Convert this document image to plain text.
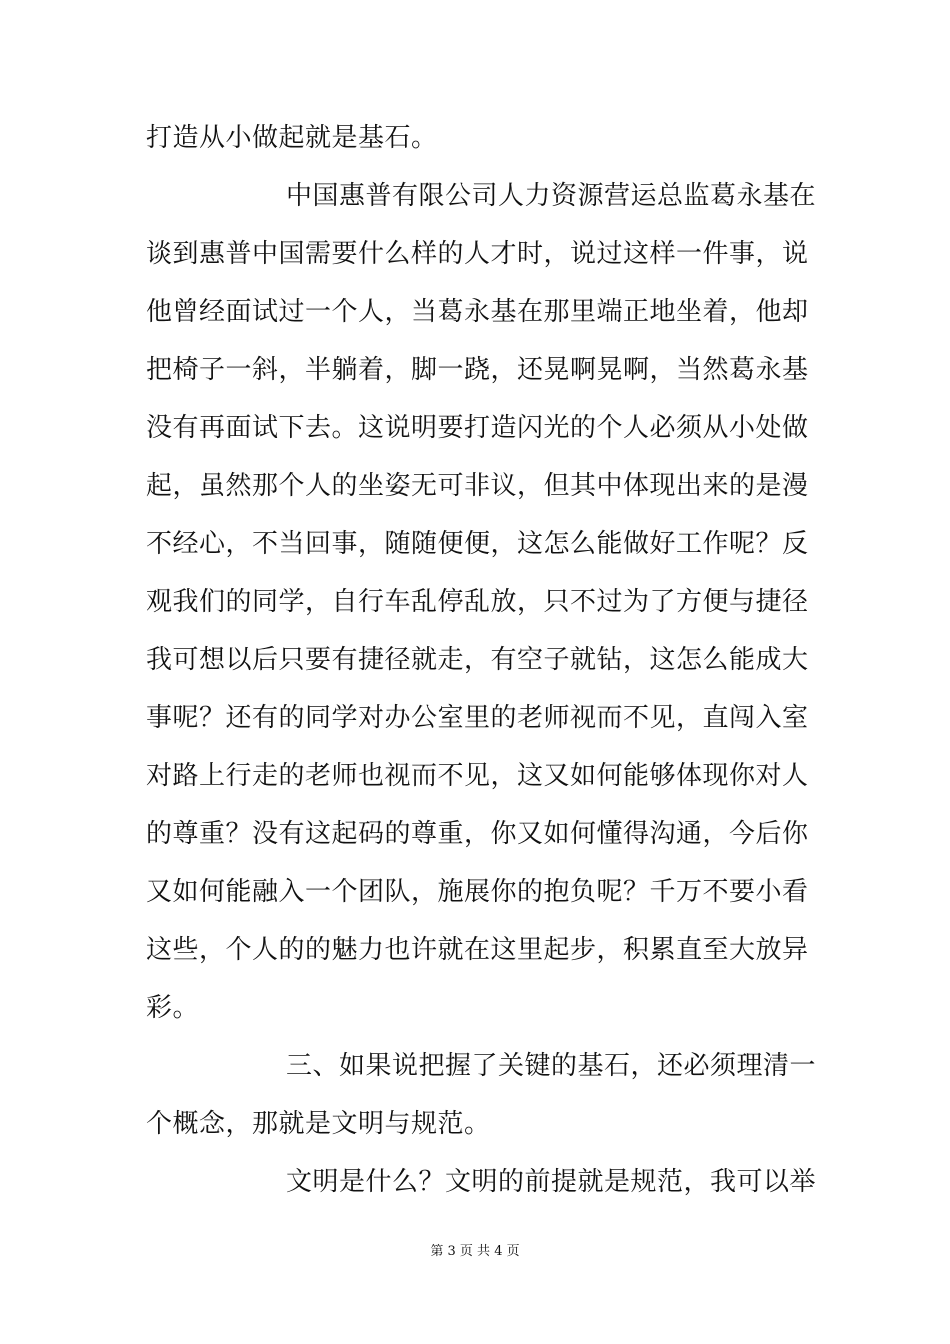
打造从小做起就是基石。
中国惠普有限公司人力资源营运总监葛永基在
谈到惠普中国需要什么样的人才时，说过这样一件事，说
他曾经面试过一个人，当葛永基在那里端正地坐着，他却
把椅子一斜，半躺着，脚一跷，还晃啊晃啊，当然葛永基
没有再面试下去。这说明要打造闪光的个人必须从小处做
起，虽然那个人的坐姿无可非议，但其中体现出来的是漫
不经心，不当回事，随随便便，这怎么能做好工作呢？反
观我们的同学，自行车乱停乱放，只不过为了方便与捷径
我可想以后只要有捷径就走，有空子就钻，这怎么能成大
事呢？还有的同学对办公室里的老师视而不见，直闯入室
对路上行走的老师也视而不见，这又如何能够体现你对人
的尊重？没有这起码的尊重，你又如何懂得沟通，今后你
又如何能融入一个团队，施展你的抱负呢？千万不要小看
这些，个人的的魅力也许就在这里起步，积累直至大放异
彩。
三、如果说把握了关键的基石，还必须理清一
个概念，那就是文明与规范。
文明是什么？文明的前提就是规范，我可以举
第 3 页 共 4 页
